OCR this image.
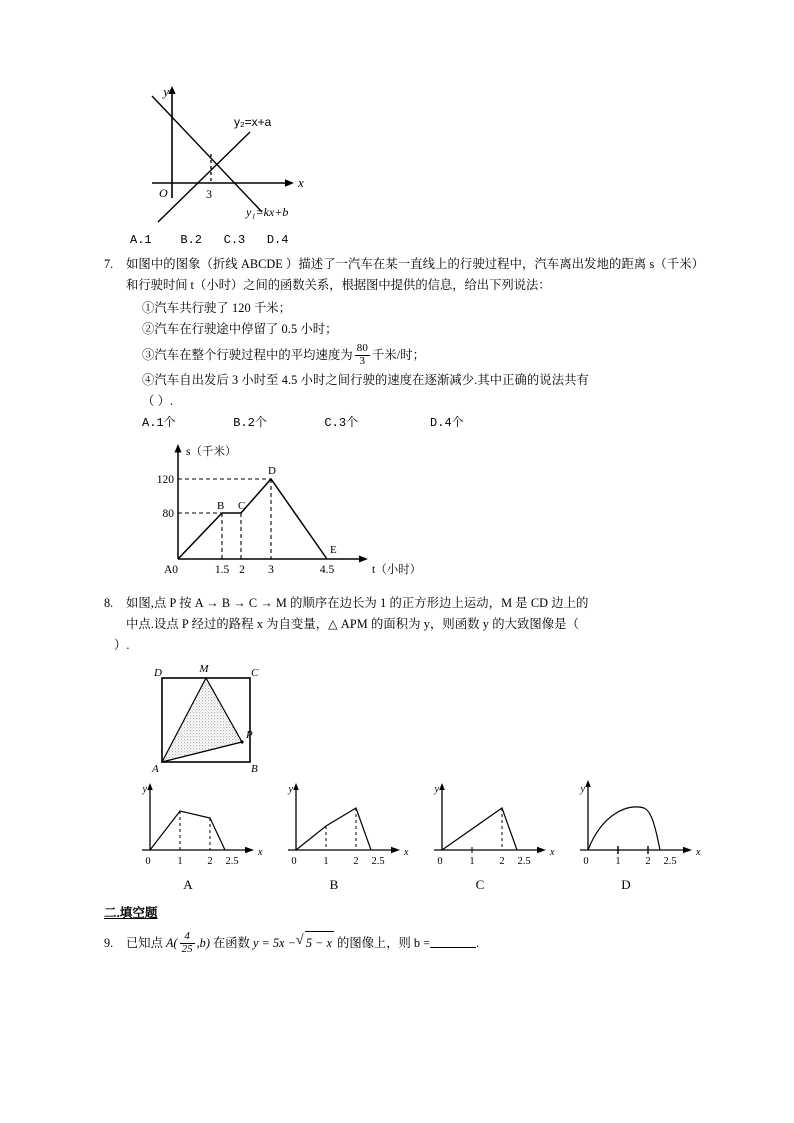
y
x
O	3
y₂=x+a
y₁=kx+b
A.1    B.2   C.3   D.4
7.	如图中的图象（折线 ABCDE ）描述了一汽车在某一直线上的行驶过程中，汽车离出发地的距离 s（千米）和行驶时间 t（小时）之间的函数关系，根据图中提供的信息，给出下列说法：
①汽车共行驶了 120 千米；
②汽车在行驶途中停留了 0.5 小时；
③汽车在整个行驶过程中的平均速度为 $\frac{80}{3}$ 千米/时；
④汽车自出发后 3 小时至 4.5 小时之间行驶的速度在逐渐减少.其中正确的说法共有
（ ）.
A.1个        B.2个        C.3个          D.4个
B C
D
E
120
80
A0	1.5 2 3	4.5
s（千米）
t（小时）
8.	如图,点 P 按 A → B → C → M 的顺序在边长为 1 的正方形边上运动，M 是 CD 边上的
中点.设点 P 经过的路程 x 为自变量，△ APM 的面积为 y，则函数 y 的大致图像是（
）.
D	M	C
A	B
P
y
x
0	1 2 2.5
A
y
x
0	1 2 2.5
B
y
x
0	1 2 2.5
C
y
x
0	1 2 2.5
D
二.填空题
9.	已知点 $A( \frac{4}{25} ,b)$ 在函数 y = 5x − √ 5 − x 的图像上，则 b =	.
